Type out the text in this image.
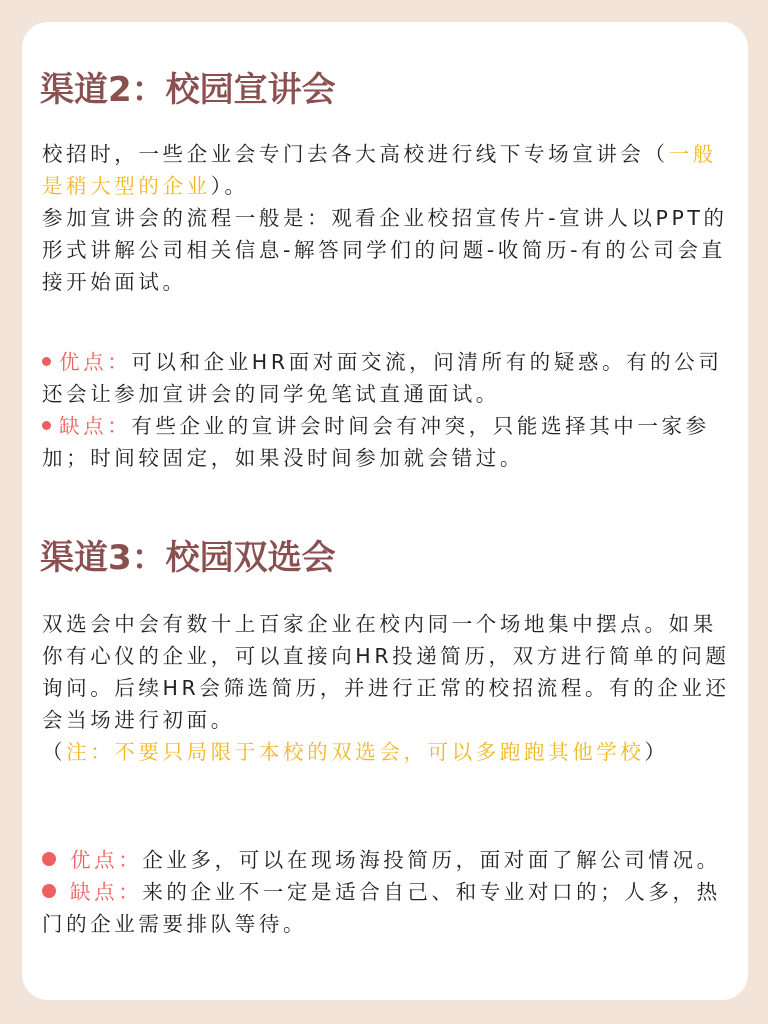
渠道2：校园宣讲会

校招时，一些企业会专门去各大高校进行线下专场宣讲会（一般是稍大型的企业）。
参加宣讲会的流程一般是：观看企业校招宣传片-宣讲人以PPT的形式讲解公司相关信息-解答同学们的问题-收简历-有的公司会直接开始面试。

优点：可以和企业HR面对面交流，问清所有的疑惑。有的公司还会让参加宣讲会的同学免笔试直通面试。
缺点：有些企业的宣讲会时间会有冲突，只能选择其中一家参加；时间较固定，如果没时间参加就会错过。

渠道3：校园双选会

双选会中会有数十上百家企业在校内同一个场地集中摆点。如果你有心仪的企业，可以直接向HR投递简历，双方进行简单的问题询问。后续HR会筛选简历，并进行正常的校招流程。有的企业还会当场进行初面。
（注：不要只局限于本校的双选会，可以多跑跑其他学校）

优点：企业多，可以在现场海投简历，面对面了解公司情况。
缺点：来的企业不一定是适合自己、和专业对口的；人多，热门的企业需要排队等待。
